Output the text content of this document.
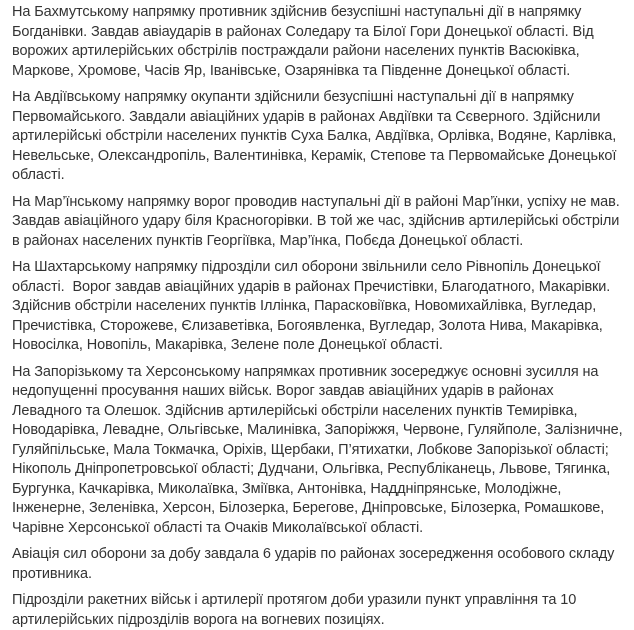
На Бахмутському напрямку противник здійснив безуспішні наступальні дії в напрямку Богданівки. Завдав авіаударів в районах Соледару та Білої Гори Донецької області. Від ворожих артилерійських обстрілів постраждали райони населених пунктів Васюківка, Маркове, Хромове, Часів Яр, Іванівське, Озарянівка та Південне Донецької області.

На Авдіївському напрямку окупанти здійснили безуспішні наступальні дії в напрямку Первомайського. Завдали авіаційних ударів в районах Авдіївки та Сєверного. Здійснили артилерійські обстріли населених пунктів Суха Балка, Авдіївка, Орлівка, Водяне, Карлівка, Невельське, Олександропіль, Валентинівка, Керамік, Степове та Первомайське Донецької області.

На Мар’їнському напрямку ворог проводив наступальні дії в районі Мар’їнки, успіху не мав. Завдав авіаційного удару біля Красногорівки. В той же час, здійснив артилерійські обстріли в районах населених пунктів Георгіївка, Мар’їнка, Побєда Донецької області.

На Шахтарському напрямку підрозділи сил оборони звільнили село Рівнопіль Донецької області.  Ворог завдав авіаційних ударів в районах Пречистівки, Благодатного, Макарівки. Здійснив обстріли населених пунктів Іллінка, Парасковіївка, Новомихайлівка, Вугледар, Пречистівка, Сторожеве, Єлизаветівка, Богоявленка, Вугледар, Золота Нива, Макарівка, Новосілка, Новопіль, Макарівка, Зелене поле Донецької області.

На Запорізькому та Херсонському напрямках противник зосереджує основні зусилля на недопущенні просування наших військ. Ворог завдав авіаційних ударів в районах Левадного та Олешок. Здійснив артилерійські обстріли населених пунктів Темирівка, Новодарівка, Левадне, Ольгівське, Малинівка, Запоріжжя, Червоне, Гуляйполе, Залізничне, Гуляйпільське, Мала Токмачка, Оріхів, Щербаки, П’ятихатки, Лобкове Запорізької області; Нікополь Дніпропетровської області; Дудчани, Ольгівка, Республіканець, Львове, Тягинка, Бургунка, Качкарівка, Миколаївка, Зміївка, Антонівка, Наддніпрянське, Молодіжне, Інженерне, Зеленівка, Херсон, Білозерка, Берегове, Дніпровське, Білозерка, Ромашкове, Чарівне Херсонської області та Очаків Миколаївської області.

Авіація сил оборони за добу завдала 6 ударів по районах зосередження особового складу противника.

Підрозділи ракетних військ і артилерії протягом доби уразили пункт управління та 10 артилерійських підрозділів ворога на вогневих позиціях.
